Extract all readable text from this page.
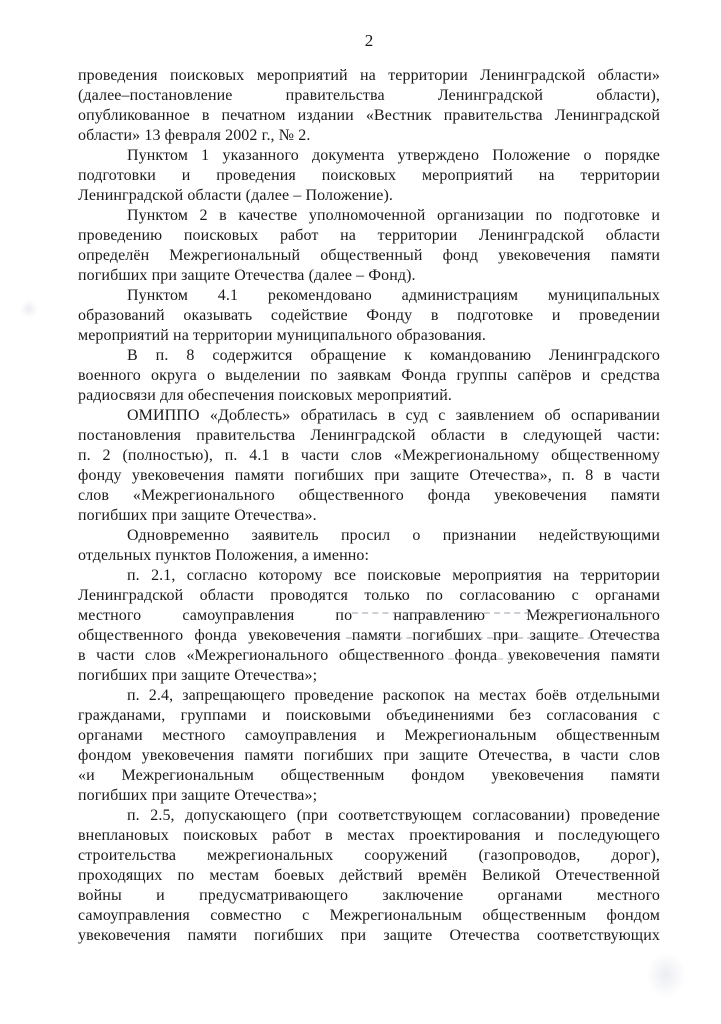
2
проведения поисковых мероприятий на территории Ленинградской области»
(далее–постановление правительства Ленинградской области),
опубликованное в печатном издании «Вестник правительства Ленинградской
области» 13 февраля 2002 г., № 2.
Пунктом 1 указанного документа утверждено Положение о порядке
подготовки и проведения поисковых мероприятий на территории
Ленинградской области (далее – Положение).
Пунктом 2 в качестве уполномоченной организации по подготовке и
проведению поисковых работ на территории Ленинградской области
определён Межрегиональный общественный фонд увековечения памяти
погибших при защите Отечества (далее – Фонд).
Пунктом 4.1 рекомендовано администрациям муниципальных
образований оказывать содействие Фонду в подготовке и проведении
мероприятий на территории муниципального образования.
В п. 8 содержится обращение к командованию Ленинградского
военного округа о выделении по заявкам Фонда группы сапёров и средства
радиосвязи для обеспечения поисковых мероприятий.
ОМИППО «Доблесть» обратилась в суд с заявлением об оспаривании
постановления правительства Ленинградской области в следующей части:
п. 2 (полностью), п. 4.1 в части слов «Межрегиональному общественному
фонду увековечения памяти погибших при защите Отечества», п. 8 в части
слов «Межрегионального общественного фонда увековечения памяти
погибших при защите Отечества».
Одновременно заявитель просил о признании недействующими
отдельных пунктов Положения, а именно:
п. 2.1, согласно которому все поисковые мероприятия на территории
Ленинградской области проводятся только по согласованию с органами
местного самоуправления по направлению Межрегионального
общественного фонда увековечения памяти погибших при защите Отечества
в части слов «Межрегионального общественного фонда увековечения памяти
погибших при защите Отечества»;
п. 2.4, запрещающего проведение раскопок на местах боёв отдельными
гражданами, группами и поисковыми объединениями без согласования с
органами местного самоуправления и Межрегиональным общественным
фондом увековечения памяти погибших при защите Отечества, в части слов
«и Межрегиональным общественным фондом увековечения памяти
погибших при защите Отечества»;
п. 2.5, допускающего (при соответствующем согласовании) проведение
внеплановых поисковых работ в местах проектирования и последующего
строительства межрегиональных сооружений (газопроводов, дорог),
проходящих по местам боевых действий времён Великой Отечественной
войны и предусматривающего заключение органами местного
самоуправления совместно с Межрегиональным общественным фондом
увековечения памяти погибших при защите Отечества соответствующих
